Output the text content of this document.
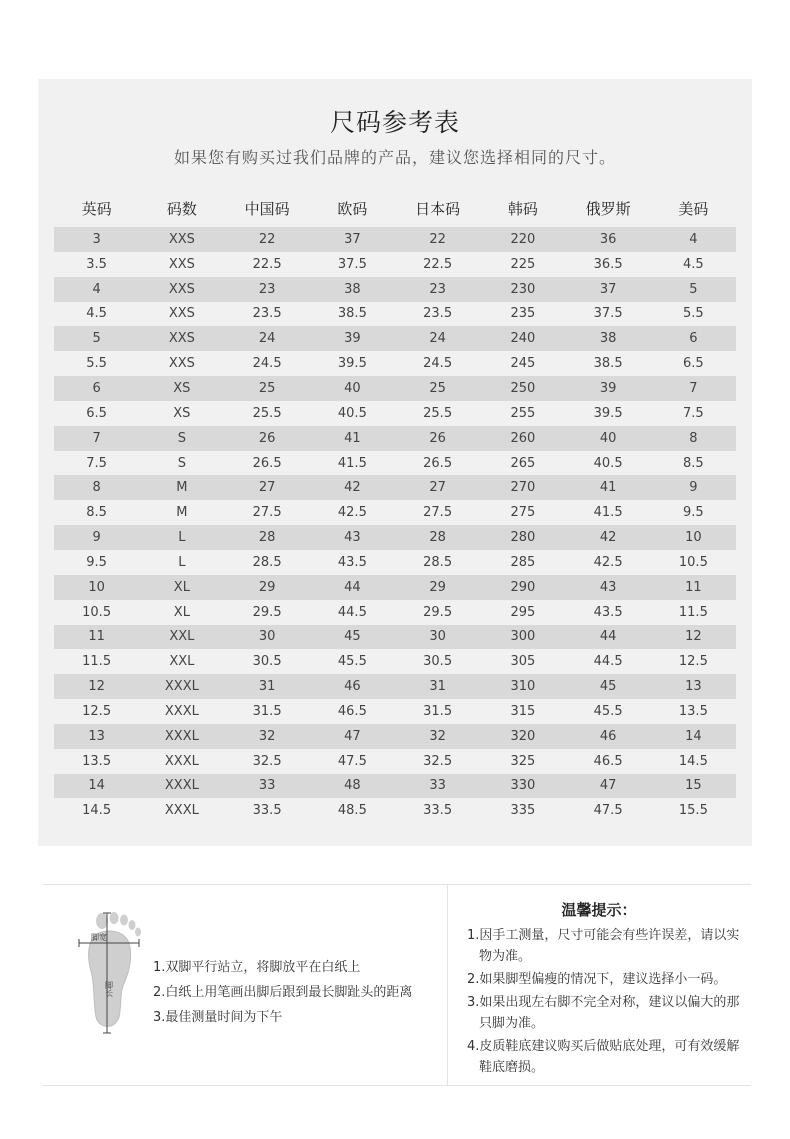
尺码参考表
如果您有购买过我们品牌的产品，建议您选择相同的尺寸。
英码	码数	中国码	欧码	日本码	韩码	俄罗斯	美码
3	XXS	22	37	22	220	36	4
3.5	XXS	22.5	37.5	22.5	225	36.5	4.5
4	XXS	23	38	23	230	37	5
4.5	XXS	23.5	38.5	23.5	235	37.5	5.5
5	XXS	24	39	24	240	38	6
5.5	XXS	24.5	39.5	24.5	245	38.5	6.5
6	XS	25	40	25	250	39	7
6.5	XS	25.5	40.5	25.5	255	39.5	7.5
7	S	26	41	26	260	40	8
7.5	S	26.5	41.5	26.5	265	40.5	8.5
8	M	27	42	27	270	41	9
8.5	M	27.5	42.5	27.5	275	41.5	9.5
9	L	28	43	28	280	42	10
9.5	L	28.5	43.5	28.5	285	42.5	10.5
10	XL	29	44	29	290	43	11
10.5	XL	29.5	44.5	29.5	295	43.5	11.5
11	XXL	30	45	30	300	44	12
11.5	XXL	30.5	45.5	30.5	305	44.5	12.5
12	XXXL	31	46	31	310	45	13
12.5	XXXL	31.5	46.5	31.5	315	45.5	13.5
13	XXXL	32	47	32	320	46	14
13.5	XXXL	32.5	47.5	32.5	325	46.5	14.5
14	XXXL	33	48	33	330	47	15
14.5	XXXL	33.5	48.5	33.5	335	47.5	15.5
脚宽
脚长
1.双脚平行站立，将脚放平在白纸上
2.白纸上用笔画出脚后跟到最长脚趾头的距离
3.最佳测量时间为下午
温馨提示：
1.因手工测量，尺寸可能会有些许误差，请以实物为准。
2.如果脚型偏瘦的情况下，建议选择小一码。
3.如果出现左右脚不完全对称，建议以偏大的那只脚为准。
4.皮质鞋底建议购买后做贴底处理，可有效缓解鞋底磨损。
